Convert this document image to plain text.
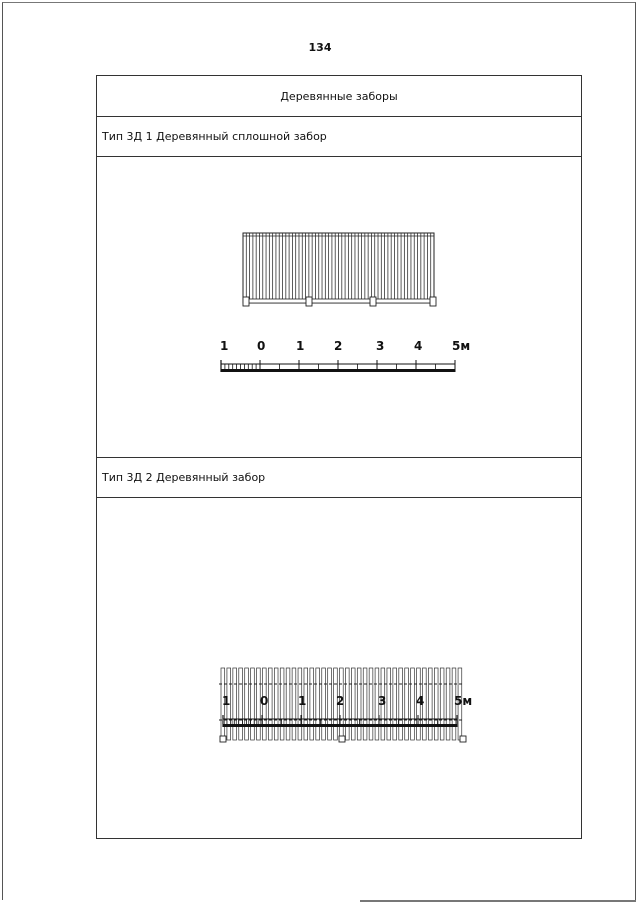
134
Деревянные заборы
Тип 3Д 1 Деревянный сплошной забор
1 0	1 2	3 4 5м
Тип 3Д 2 Деревянный забор
1 0 1 2	3 4 5м
